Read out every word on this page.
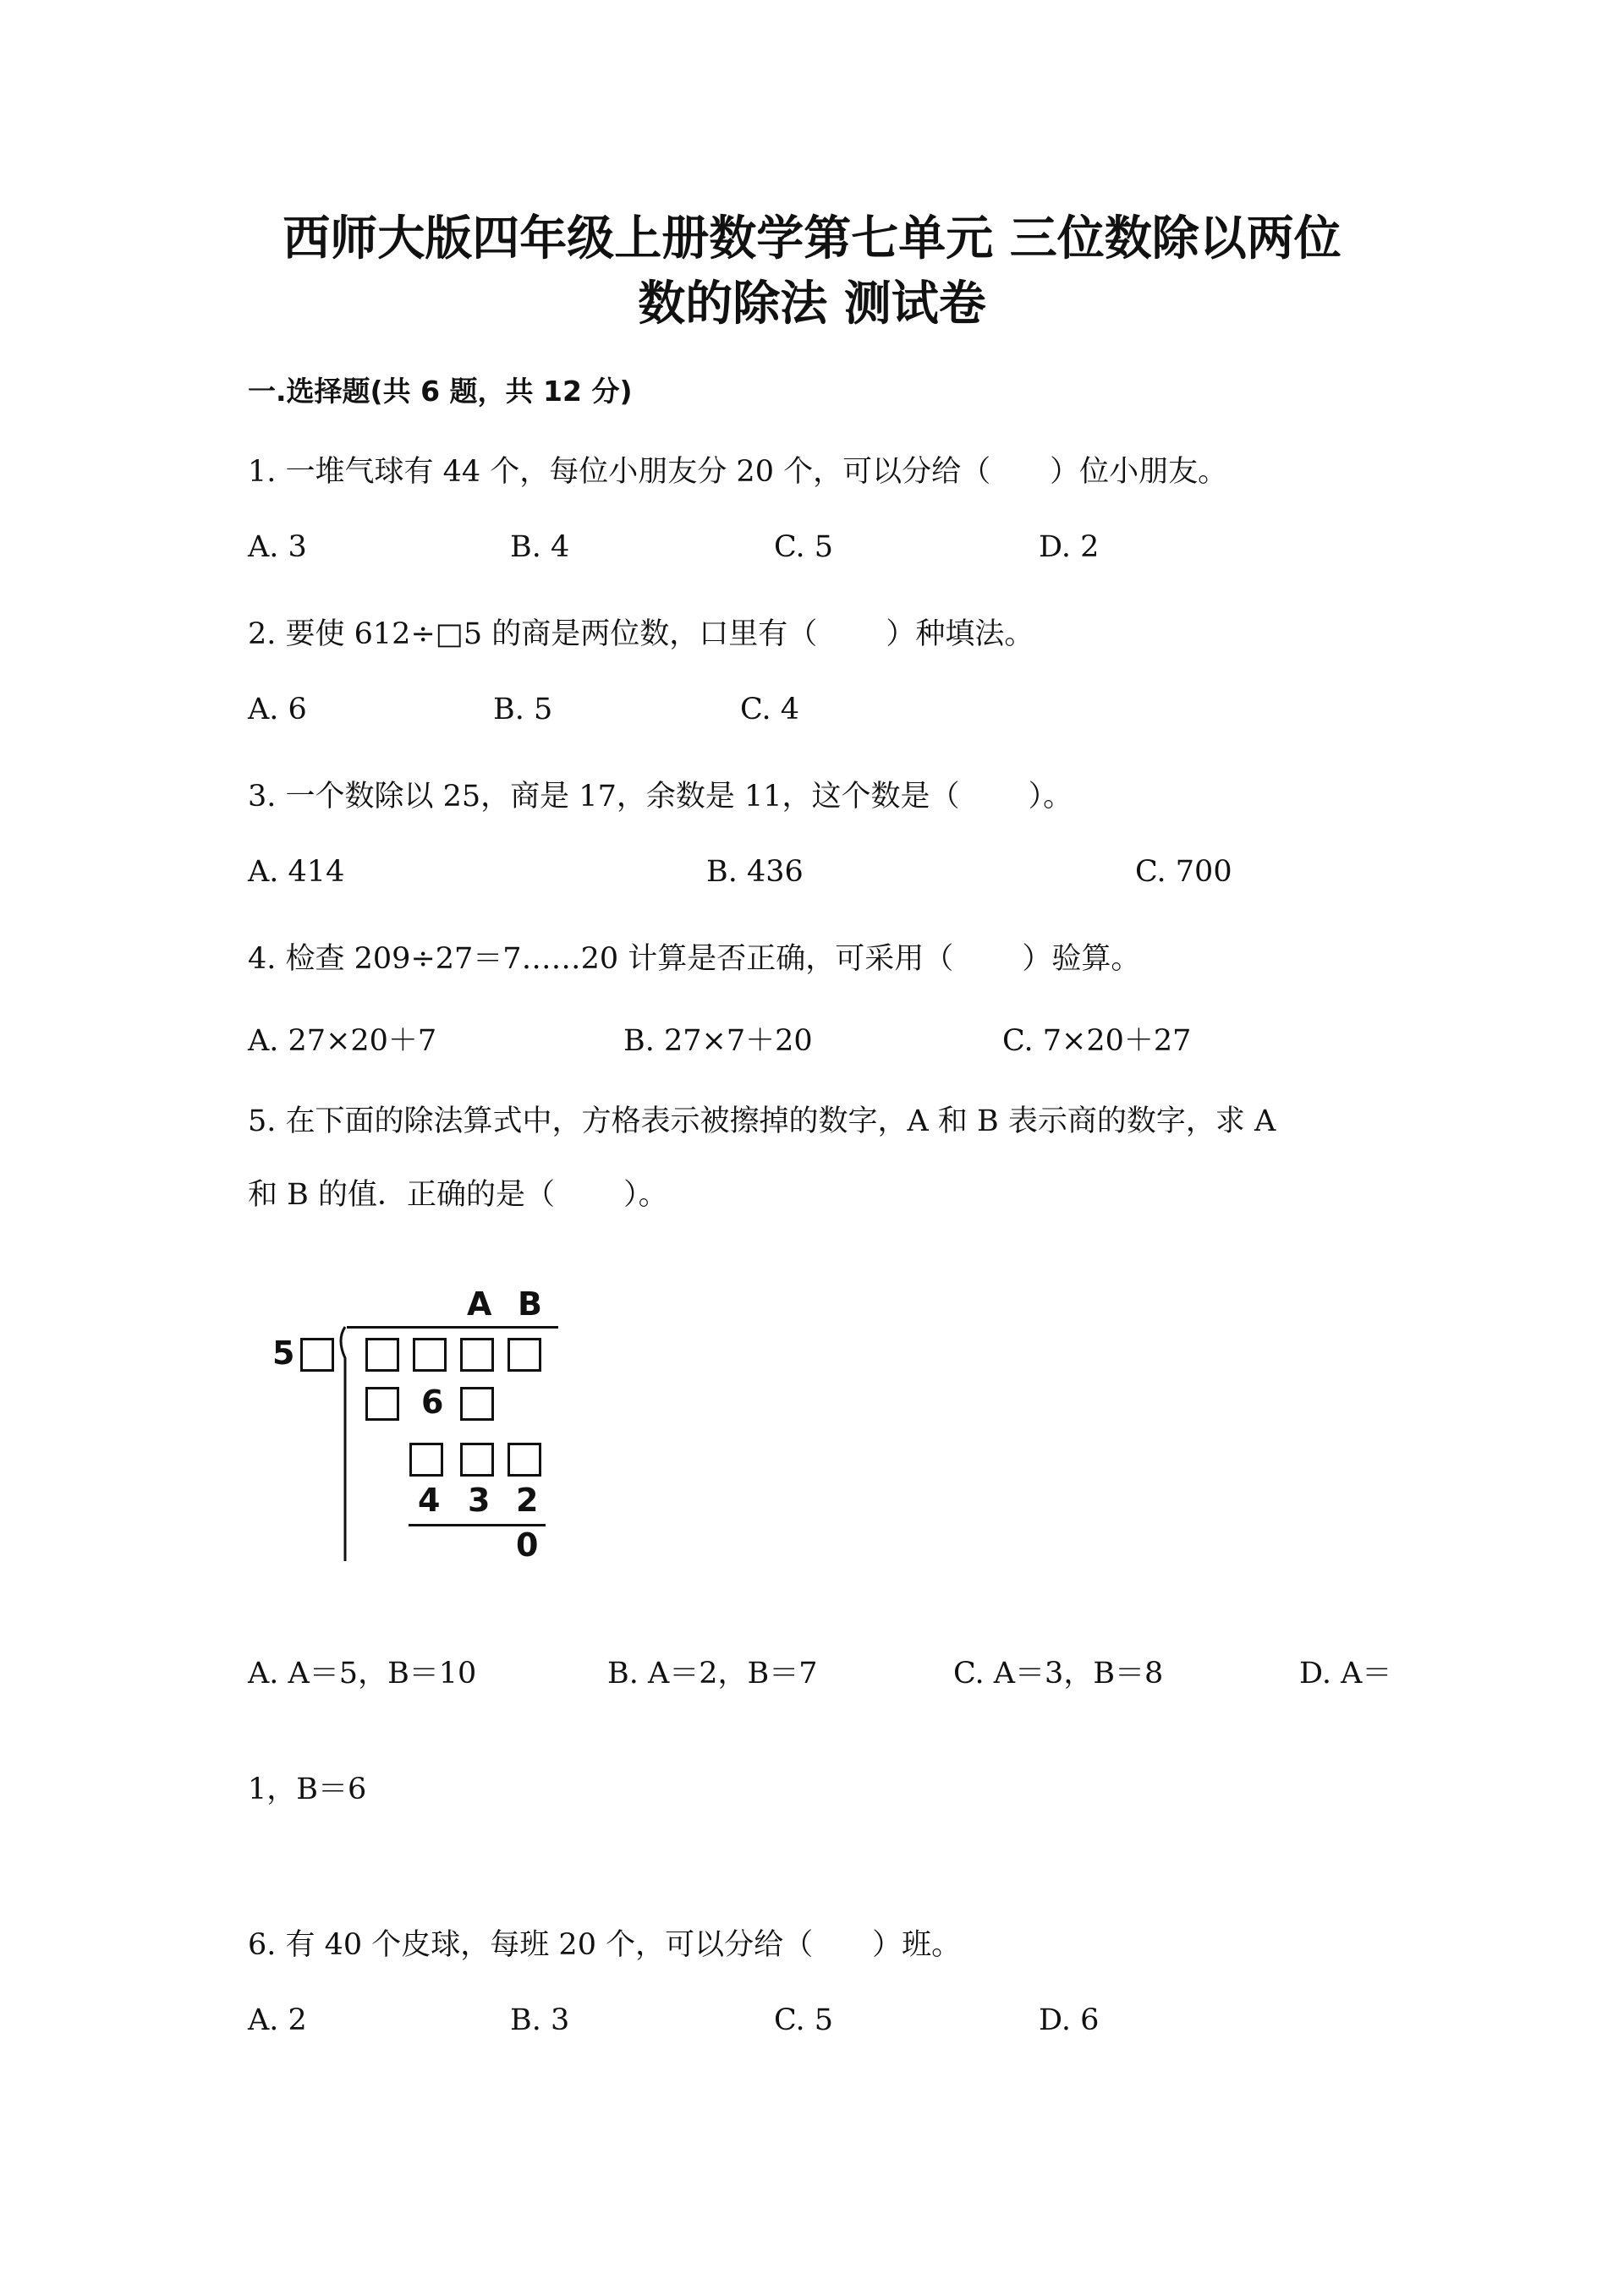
西师大版四年级上册数学第七单元 三位数除以两位
数的除法 测试卷
一.选择题(共 6 题，共 12 分)
1. 一堆气球有 44 个，每位小朋友分 20 个，可以分给（　　）位小朋友。
A. 3	B. 4	C. 5	D. 2
2. 要使 612÷□5 的商是两位数，口里有（　　 ）种填法。
A. 6	B. 5	C. 4
3. 一个数除以 25，商是 17，余数是 11，这个数是（　　 ）。
A. 414	B. 436	C. 700
4. 检查 209÷27＝7……20 计算是否正确，可采用（　　 ）验算。
A. 27×20＋7	B. 27×7＋20	C. 7×20＋27
5. 在下面的除法算式中，方格表示被擦掉的数字，A 和 B 表示商的数字，求 A
和 B 的值．正确的是（　　 ）。
A B
5
6
4 3 2
0
A. A＝5，B＝10	B. A＝2，B＝7	C. A＝3，B＝8	D. A＝
1，B＝6
6. 有 40 个皮球，每班 20 个，可以分给（　　）班。
A. 2	B. 3	C. 5	D. 6
